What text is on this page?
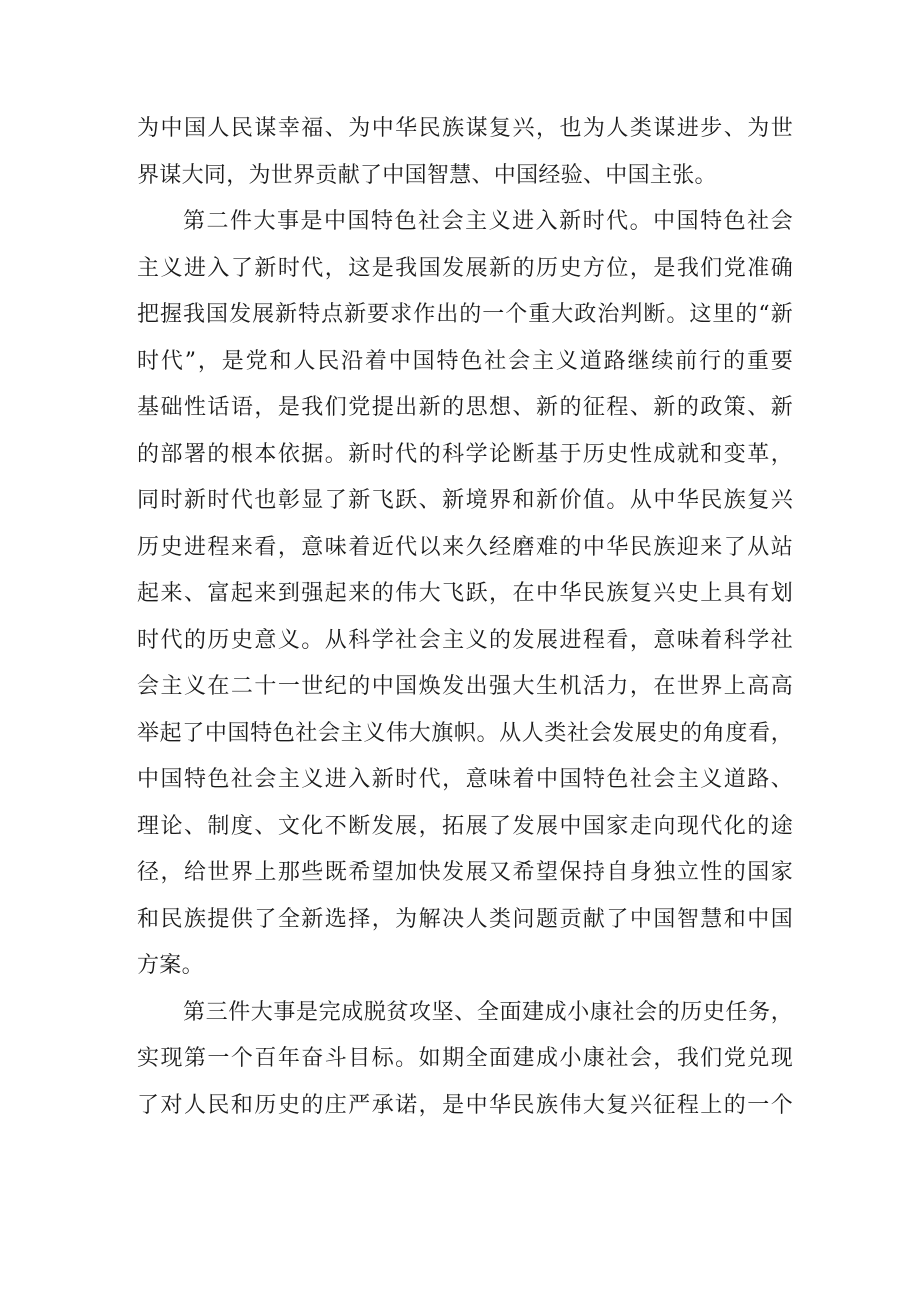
为中国人民谋幸福、为中华民族谋复兴，也为人类谋进步、为世
界谋大同，为世界贡献了中国智慧、中国经验、中国主张。
第二件大事是中国特色社会主义进入新时代。中国特色社会
主义进入了新时代，这是我国发展新的历史方位，是我们党准确
把握我国发展新特点新要求作出的一个重大政治判断。这里的“新
时代”，是党和人民沿着中国特色社会主义道路继续前行的重要
基础性话语，是我们党提出新的思想、新的征程、新的政策、新
的部署的根本依据。新时代的科学论断基于历史性成就和变革，
同时新时代也彰显了新飞跃、新境界和新价值。从中华民族复兴
历史进程来看，意味着近代以来久经磨难的中华民族迎来了从站
起来、富起来到强起来的伟大飞跃，在中华民族复兴史上具有划
时代的历史意义。从科学社会主义的发展进程看，意味着科学社
会主义在二十一世纪的中国焕发出强大生机活力，在世界上高高
举起了中国特色社会主义伟大旗帜。从人类社会发展史的角度看，
中国特色社会主义进入新时代，意味着中国特色社会主义道路、
理论、制度、文化不断发展，拓展了发展中国家走向现代化的途
径，给世界上那些既希望加快发展又希望保持自身独立性的国家
和民族提供了全新选择，为解决人类问题贡献了中国智慧和中国
方案。
第三件大事是完成脱贫攻坚、全面建成小康社会的历史任务，
实现第一个百年奋斗目标。如期全面建成小康社会，我们党兑现
了对人民和历史的庄严承诺，是中华民族伟大复兴征程上的一个
